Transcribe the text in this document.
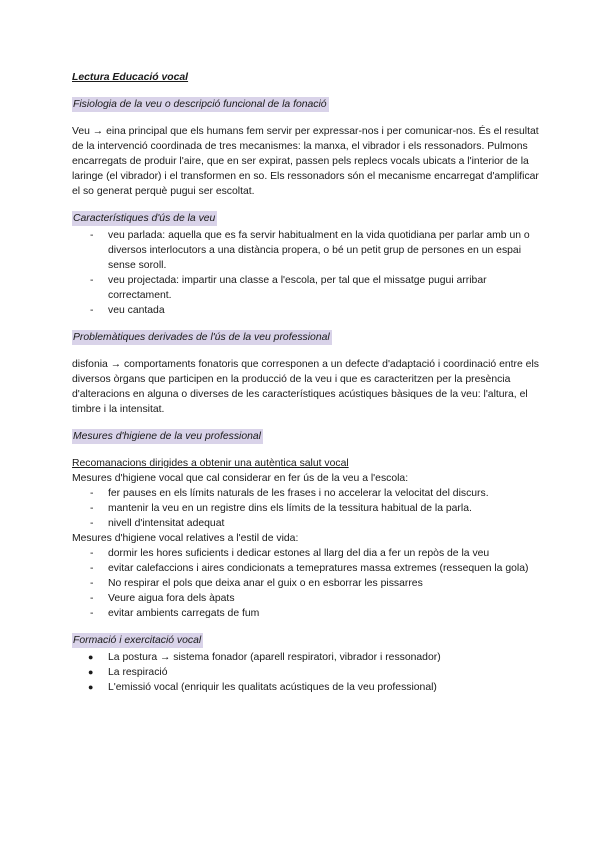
Lectura Educació vocal
Fisiologia de la veu o descripció funcional de la fonació

Veu → eina principal que els humans fem servir per expressar-nos i per comunicar-nos. És el resultat de la intervenció coordinada de tres mecanismes: la manxa, el vibrador i els ressonadors. Pulmons encarregats de produir l'aire, que en ser expirat, passen pels replecs vocals ubicats a l'interior de la laringe (el vibrador) i el transformen en so. Els ressonadors són el mecanisme encarregat d'amplificar el so generat perquè pugui ser escoltat.

Característiques d'ús de la veu
- veu parlada: aquella que es fa servir habitualment en la vida quotidiana per parlar amb un o diversos interlocutors a una distància propera, o bé un petit grup de persones en un espai sense soroll.
- veu projectada: impartir una classe a l'escola, per tal que el missatge pugui arribar correctament.
- veu cantada
Problemàtiques derivades de l'ús de la veu professional

disfonia → comportaments fonatoris que corresponen a un defecte d'adaptació i coordinació entre els diversos òrgans que participen en la producció de la veu i que es caracteritzen per la presència d'alteracions en alguna o diverses de les característiques acústiques bàsiques de la veu: l'altura, el timbre i la intensitat.

Mesures d'higiene de la veu professional
Recomanacions dirigides a obtenir una autèntica salut vocal
Mesures d'higiene vocal que cal considerar en fer ús de la veu a l'escola:
- fer pauses en els límits naturals de les frases i no accelerar la velocitat del discurs.
- mantenir la veu en un registre dins els límits de la tessitura habitual de la parla.
- nivell d'intensitat adequat
Mesures d'higiene vocal relatives a l'estil de vida:
- dormir les hores suficients i dedicar estones al llarg del dia a fer un repòs de la veu
- evitar calefaccions i aires condicionats a temepratures massa extremes (ressequen la gola)
- No respirar el pols que deixa anar el guix o en esborrar les pissarres
- Veure aigua fora dels àpats
- evitar ambients carregats de fum
Formació i exercitació vocal
● La postura → sistema fonador (aparell respiratori, vibrador i ressonador)
● La respiració
● L'emissió vocal (enriquir les qualitats acústiques de la veu professional)
